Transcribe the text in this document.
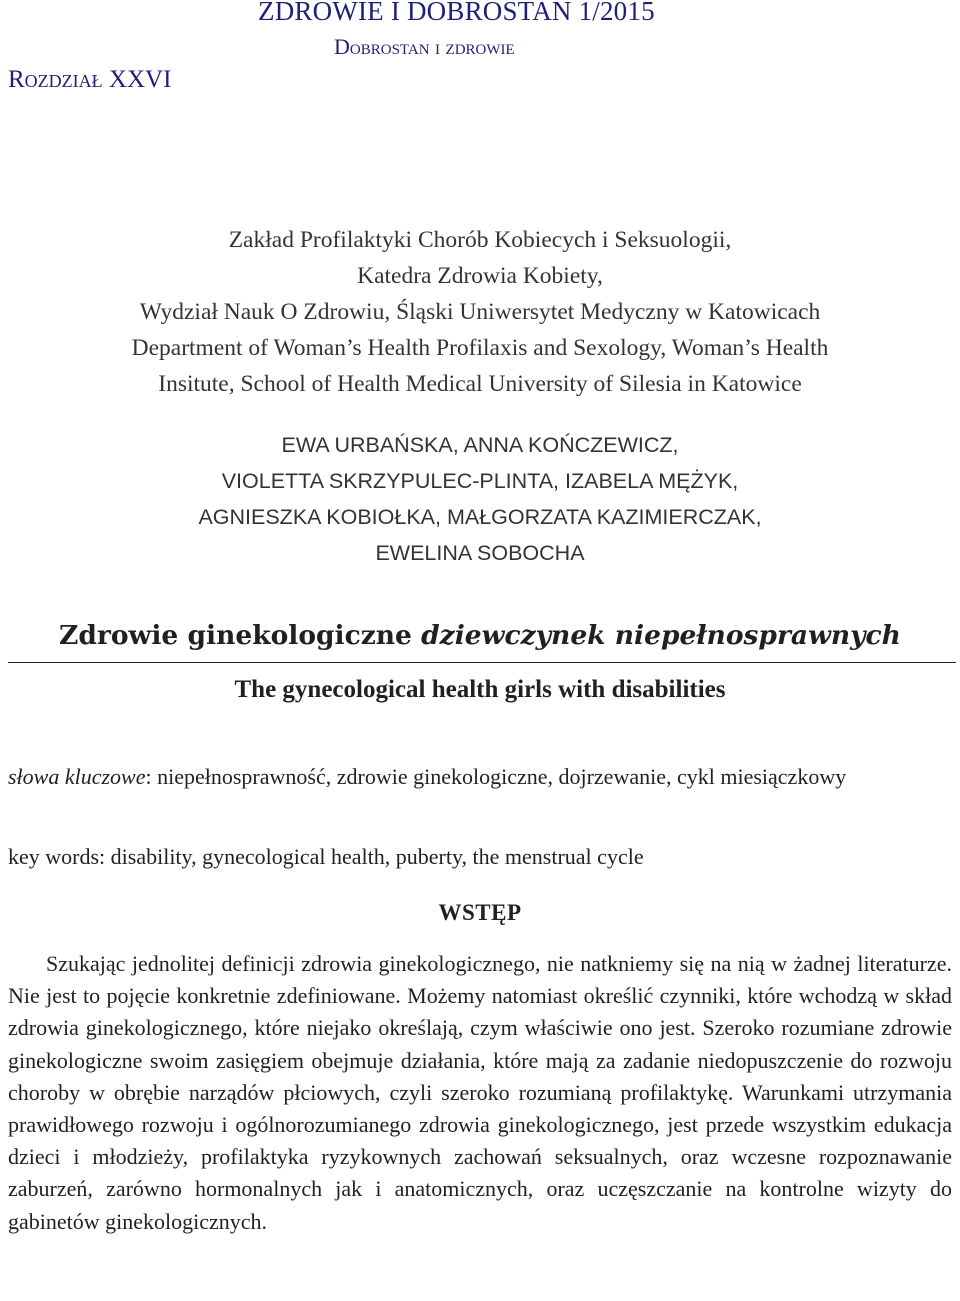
ZDROWIE I DOBROSTAN 1/2015
Dobrostan i zdrowie
Rozdział XXVI
Zakład Profilaktyki Chorób Kobiecych i Seksuologii,
Katedra Zdrowia Kobiety,
Wydział Nauk O Zdrowiu, Śląski Uniwersytet Medyczny w Katowicach
Department of Woman’s Health Profilaxis and Sexology, Woman’s Health
Insitute, School of Health Medical University of Silesia in Katowice
EWA URBAŃSKA, ANNA KOŃCZEWICZ,
VIOLETTA SKRZYPULEC-PLINTA, IZABELA MĘŻYK,
AGNIESZKA KOBIOŁKA, MAŁGORZATA KAZIMIERCZAK,
EWELINA SOBOCHA
Zdrowie ginekologiczne dziewczynek niepełnosprawnych
The gynecological health girls with disabilities
słowa kluczowe: niepełnosprawność, zdrowie ginekologiczne, dojrzewanie, cykl miesiączkowy
key words: disability, gynecological health, puberty, the menstrual cycle
WSTĘP
Szukając jednolitej definicji zdrowia ginekologicznego, nie natkniemy się na nią w żadnej literaturze. Nie jest to pojęcie konkretnie zdefiniowane. Możemy natomiast określić czynniki, które wchodzą w skład zdrowia ginekologicznego, które niejako określają, czym właściwie ono jest. Szeroko rozumiane zdrowie ginekologiczne swoim zasięgiem obejmuje działania, które mają za zadanie niedopuszczenie do rozwoju choroby w obrębie narządów płciowych, czyli szeroko rozumianą profilaktykę. Warunkami utrzymania prawidłowego rozwoju i ogólnorozumianego zdrowia ginekologicznego, jest przede wszystkim edukacja dzieci i młodzieży, profilaktyka ryzykownych zachowań seksualnych, oraz wczesne rozpoznawanie zaburzeń, zarówno hormonalnych jak i anatomicznych, oraz uczęszczanie na kontrolne wizyty do gabinetów ginekologicznych.
